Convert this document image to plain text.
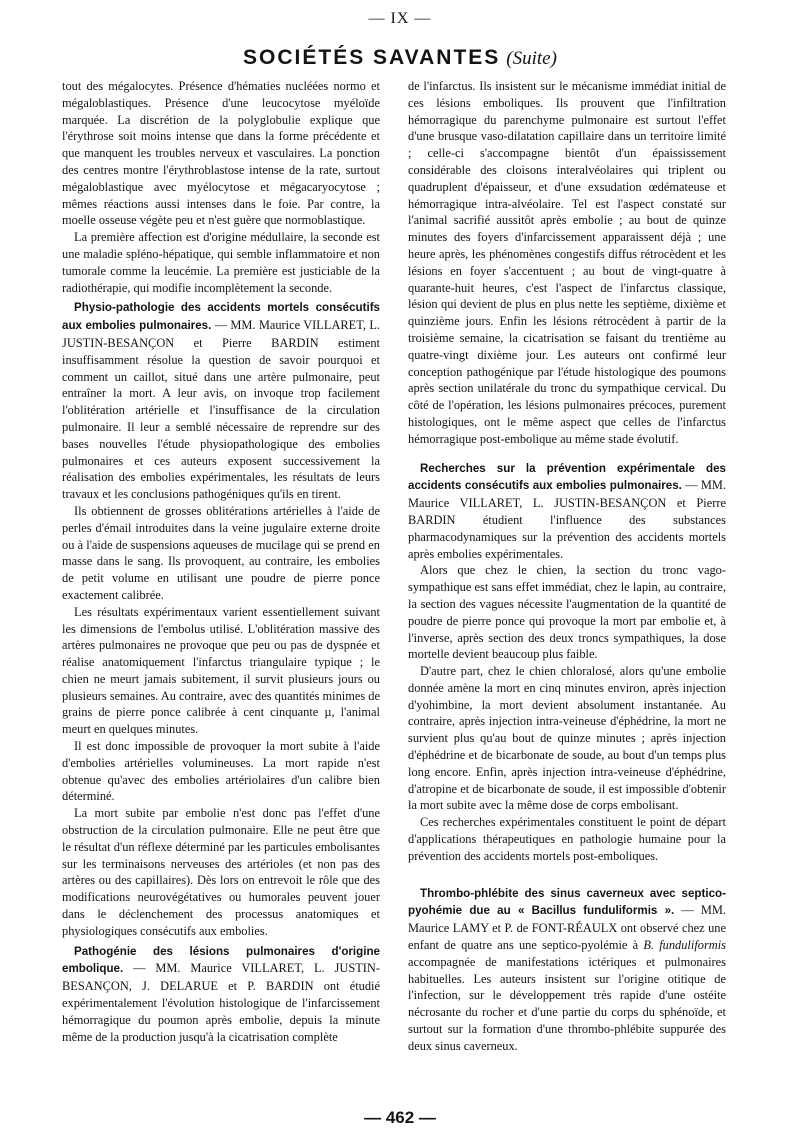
— IX —
SOCIÉTÉS SAVANTES (Suite)

tout des mégalocytes. Présence d'hématies nucléées normo et mégaloblastiques. Présence d'une leucocytose myéloïde marquée. La discrétion de la polyglobulie explique que l'érythrose soit moins intense que dans la forme précédente et que manquent les troubles nerveux et vasculaires. La ponction des centres montre l'érythroblastose intense de la rate, surtout mégaloblastique avec myélocytose et mégacaryocytose ; mêmes réactions aussi intenses dans le foie. Par contre, la moelle osseuse végète peu et n'est guère que normoblastique.

La première affection est d'origine médullaire, la seconde est une maladie spléno-hépatique, qui semble inflammatoire et non tumorale comme la leucémie. La première est justiciable de la radiothérapie, qui modifie incomplètement la seconde.

Physio-pathologie des accidents mortels consécutifs aux embolies pulmonaires. — MM. Maurice VILLARET, L. JUSTIN-BESANÇON et Pierre BARDIN estiment insuffisamment résolue la question de savoir pourquoi et comment un caillot, situé dans une artère pulmonaire, peut entraîner la mort. A leur avis, on invoque trop facilement l'oblitération artérielle et l'insuffisance de la circulation pulmonaire. Il leur a semblé nécessaire de reprendre sur des bases nouvelles l'étude physiopathologique des embolies pulmonaires et ces auteurs exposent successivement la réalisation des embolies expérimentales, les résultats de leurs travaux et les conclusions pathogéniques qu'ils en tirent.

Ils obtiennent de grosses oblitérations artérielles à l'aide de perles d'émail introduites dans la veine jugulaire externe droite ou à l'aide de suspensions aqueuses de mucilage qui se prend en masse dans le sang. Ils provoquent, au contraire, les embolies de petit volume en utilisant une poudre de pierre ponce exactement calibrée.

Les résultats expérimentaux varient essentiellement suivant les dimensions de l'embolus utilisé. L'oblitération massive des artères pulmonaires ne provoque que peu ou pas de dyspnée et réalise anatomiquement l'infarctus triangulaire typique ; le chien ne meurt jamais subitement, il survit plusieurs jours ou plusieurs semaines. Au contraire, avec des quantités minimes de grains de pierre ponce calibrée à cent cinquante µ, l'animal meurt en quelques minutes.

Il est donc impossible de provoquer la mort subite à l'aide d'embolies artérielles volumineuses. La mort rapide n'est obtenue qu'avec des embolies artériolaires d'un calibre bien déterminé.

La mort subite par embolie n'est donc pas l'effet d'une obstruction de la circulation pulmonaire. Elle ne peut être que le résultat d'un réflexe déterminé par les particules embolisantes sur les terminaisons nerveuses des artérioles (et non pas des artères ou des capillaires). Dès lors on entrevoit le rôle que des modifications neurovégétatives ou humorales peuvent jouer dans le déclenchement des processus anatomiques et physiologiques consécutifs aux embolies.

Pathogénie des lésions pulmonaires d'origine embolique. — MM. Maurice VILLARET, L. JUSTIN-BESANÇON, J. DELARUE et P. BARDIN ont étudié expérimentalement l'évolution histologique de l'infarcissement hémorragique du poumon après embolie, depuis la minute même de la production jusqu'à la cicatrisation complète

de l'infarctus. Ils insistent sur le mécanisme immédiat initial de ces lésions emboliques. Ils prouvent que l'infiltration hémorragique du parenchyme pulmonaire est surtout l'effet d'une brusque vaso-dilatation capillaire dans un territoire limité ; celle-ci s'accompagne bientôt d'un épaississement considérable des cloisons interalvéolaires qui triplent ou quadruplent d'épaisseur, et d'une exsudation œdémateuse et hémorragique intra-alvéolaire. Tel est l'aspect constaté sur l'animal sacrifié aussitôt après embolie ; au bout de quinze minutes des foyers d'infarcissement apparaissent déjà ; une heure après, les phénomènes congestifs diffus rétrocèdent et les lésions en foyer s'accentuent ; au bout de vingt-quatre à quarante-huit heures, c'est l'aspect de l'infarctus classique, lésion qui devient de plus en plus nette les septième, dixième et quinzième jours. Enfin les lésions rétrocèdent à partir de la troisième semaine, la cicatrisation se faisant du trentième au quatre-vingt dixième jour. Les auteurs ont confirmé leur conception pathogénique par l'étude histologique des poumons après section unilatérale du tronc du sympathique cervical. Du côté de l'opération, les lésions pulmonaires précoces, purement histologiques, ont le même aspect que celles de l'infarctus hémorragique post-embolique au même stade évolutif.

Recherches sur la prévention expérimentale des accidents consécutifs aux embolies pulmonaires. — MM. Maurice VILLARET, L. JUSTIN-BESANÇON et Pierre BARDIN étudient l'influence des substances pharmacodynamiques sur la prévention des accidents mortels après embolies expérimentales.

Alors que chez le chien, la section du tronc vago-sympathique est sans effet immédiat, chez le lapin, au contraire, la section des vagues nécessite l'augmentation de la quantité de poudre de pierre ponce qui provoque la mort par embolie et, à l'inverse, après section des deux troncs sympathiques, la dose mortelle devient beaucoup plus faible.

D'autre part, chez le chien chloralosé, alors qu'une embolie donnée amène la mort en cinq minutes environ, après injection d'yohimbine, la mort devient absolument instantanée. Au contraire, après injection intra-veineuse d'éphédrine, la mort ne survient plus qu'au bout de quinze minutes ; après injection d'éphédrine et de bicarbonate de soude, au bout d'un temps plus long encore. Enfin, après injection intra-veineuse d'éphédrine, d'atropine et de bicarbonate de soude, il est impossible d'obtenir la mort subite avec la même dose de corps embolisant.

Ces recherches expérimentales constituent le point de départ d'applications thérapeutiques en pathologie humaine pour la prévention des accidents mortels post-emboliques.

Thrombo-phlébite des sinus caverneux avec septico-pyohémie due au « Bacillus funduliformis ». — MM. Maurice LAMY et P. de FONT-RÉAULX ont observé chez une enfant de quatre ans une septico-pyolémie à B. funduliformis accompagnée de manifestations ictériques et pulmonaires habituelles. Les auteurs insistent sur l'origine otitique de l'infection, sur le développement très rapide d'une ostéite nécrosante du rocher et d'une partie du corps du sphénoïde, et surtout sur la formation d'une thrombo-phlébite suppurée des deux sinus caverneux.

— 462 —
